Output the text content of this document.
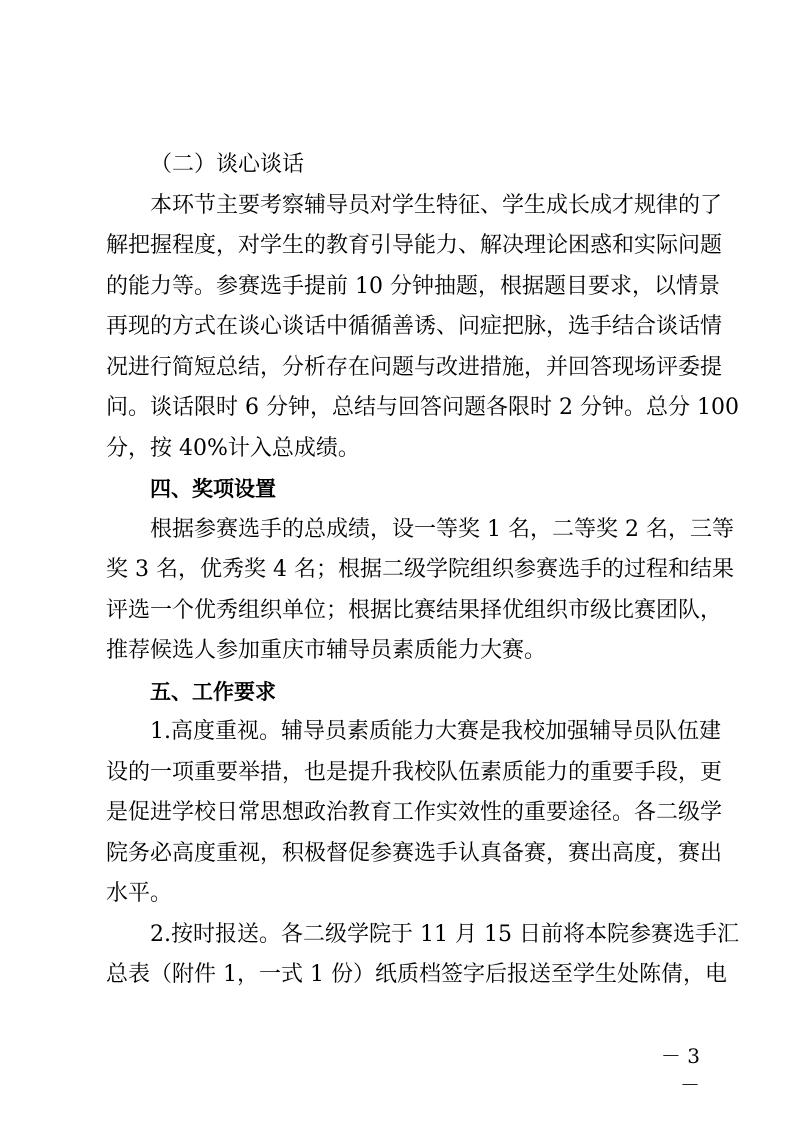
（二）谈心谈话
本环节主要考察辅导员对学生特征、学生成长成才规律的了
解把握程度，对学生的教育引导能力、解决理论困惑和实际问题
的能力等。参赛选手提前 10 分钟抽题，根据题目要求，以情景
再现的方式在谈心谈话中循循善诱、问症把脉，选手结合谈话情
况进行简短总结，分析存在问题与改进措施，并回答现场评委提
问。谈话限时 6 分钟，总结与回答问题各限时 2 分钟。总分 100
分，按 40%计入总成绩。
四、奖项设置
根据参赛选手的总成绩，设一等奖 1 名，二等奖 2 名，三等
奖 3 名，优秀奖 4 名；根据二级学院组织参赛选手的过程和结果
评选一个优秀组织单位；根据比赛结果择优组织市级比赛团队，
推荐候选人参加重庆市辅导员素质能力大赛。
五、工作要求
1.高度重视。辅导员素质能力大赛是我校加强辅导员队伍建
设的一项重要举措，也是提升我校队伍素质能力的重要手段，更
是促进学校日常思想政治教育工作实效性的重要途径。各二级学
院务必高度重视，积极督促参赛选手认真备赛，赛出高度，赛出
水平。
2.按时报送。各二级学院于 11 月 15 日前将本院参赛选手汇
总表（附件 1，一式 1 份）纸质档签字后报送至学生处陈倩，电
－ 3 －
